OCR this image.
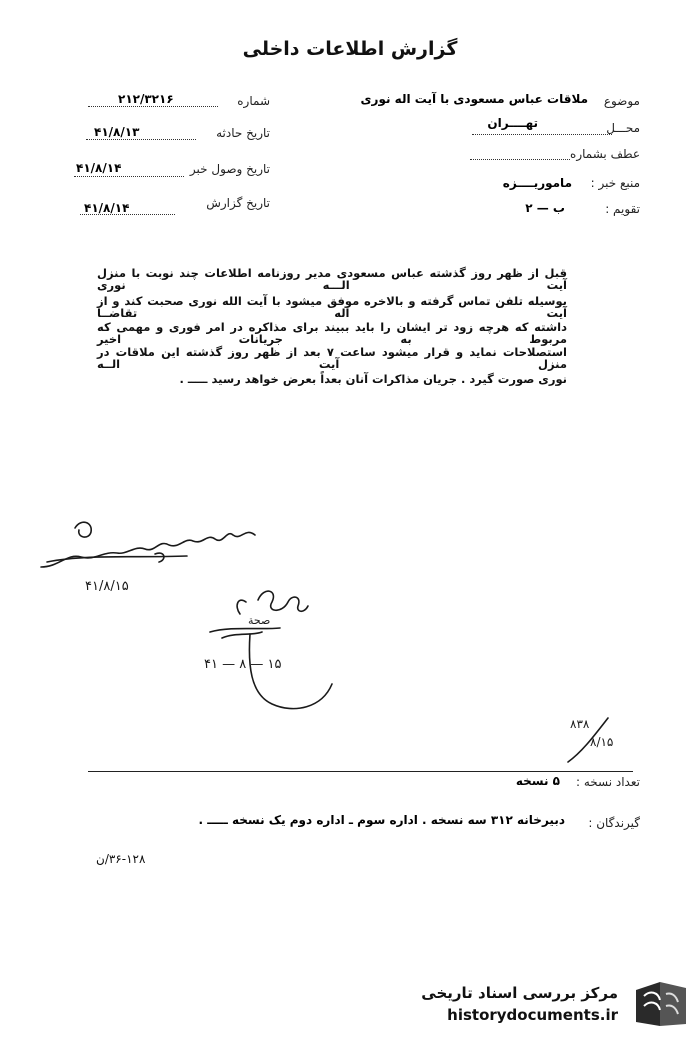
گزارش اطلاعات داخلی
موضوع
ملاقات عباس مسعودی با آیت اله نوری
محـــل
تهــــران
عطف بشماره
منبع خبر :
ماموریــــزه
تقویم :
ب — ۲
شماره
۲۱۲/۳۲۱۶
تاریخ حادثه
۴۱/۸/۱۳
تاریخ وصول خبر
۴۱/۸/۱۴
تاریخ گزارش
۴۱/۸/۱۴
قبل از ظهر روز گذشته عباس مسعودی مدیر روزنامه اطلاعات چند نوبت با منزل آیت الـــه نوری
بوسیله تلفن تماس گرفته و بالاخره موفق میشود با آیت الله نوری صحبت کند و از آیت اله تقاضــا
داشته که هرچه زود تر ایشان را باید ببیند برای مذاکره در امر فوری و مهمی که مربوط به جریانات اخیر
استصلاحات نماید و قرار میشود ساعت ۷ بعد از ظهر روز گذشته این ملاقات در منزل آیت الــه
نوری صورت گیرد . جریان مذاکرات آنان بعداً بعرض خواهد رسید ـــــ .
۴۱/۸/۱۵
صحة
۴۱ — ۸ — ۱۵
۸۳۸
۸/۱۵
تعداد نسخه :
۵ نسخه
گیرندگان :
دبیرخانه ۳۱۲ سه نسخه . اداره سوم ـ اداره دوم یک نسخه ـــــ .
۳۶-۱۲۸/ن
مرکز بررسی اسناد تاریخی
historydocuments.ir
